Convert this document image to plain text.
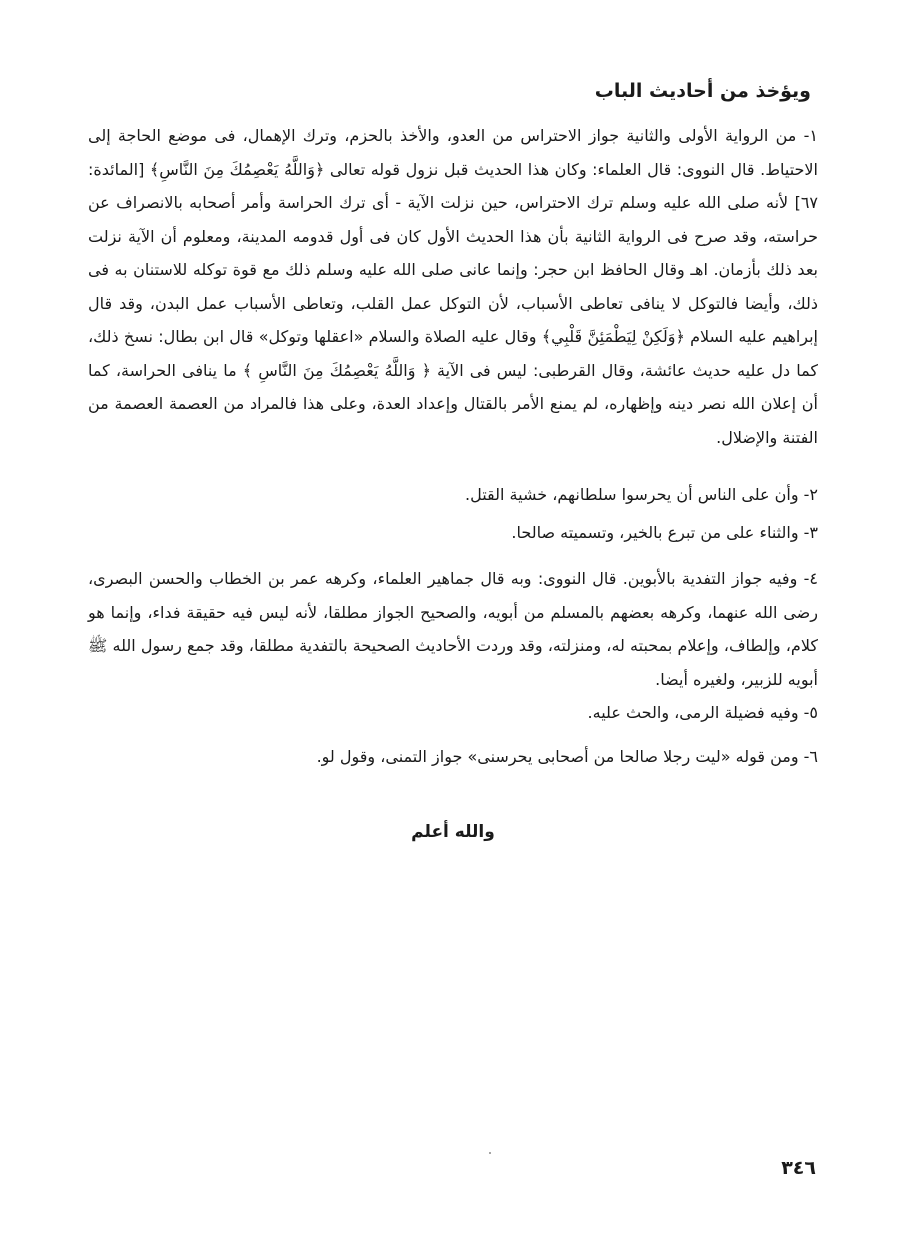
ويؤخذ من أحاديث الباب

١- من الرواية الأولى والثانية جواز الاحتراس من العدو، والأخذ بالحزم، وترك الإهمال، فى موضع الحاجة إلى الاحتياط. قال النووى: قال العلماء: وكان هذا الحديث قبل نزول قوله تعالى ﴿وَاللَّهُ يَعْصِمُكَ مِنَ النَّاسِ﴾ [المائدة: ٦٧] لأنه صلى الله عليه وسلم ترك الاحتراس، حين نزلت الآية - أى ترك الحراسة وأمر أصحابه بالانصراف عن حراسته، وقد صرح فى الرواية الثانية بأن هذا الحديث الأول كان فى أول قدومه المدينة، ومعلوم أن الآية نزلت بعد ذلك بأزمان. اهـ وقال الحافظ ابن حجر: وإنما عانى صلى الله عليه وسلم ذلك مع قوة توكله للاستنان به فى ذلك، وأيضا فالتوكل لا ينافى تعاطى الأسباب، لأن التوكل عمل القلب، وتعاطى الأسباب عمل البدن، وقد قال إبراهيم عليه السلام ﴿وَلَكِنْ لِيَطْمَئِنَّ قَلْبِي﴾ وقال عليه الصلاة والسلام «اعقلها وتوكل» قال ابن بطال: نسخ ذلك، كما دل عليه حديث عائشة، وقال القرطبى: ليس فى الآية ﴿ وَاللَّهُ يَعْصِمُكَ مِنَ النَّاسِ ﴾ ما ينافى الحراسة، كما أن إعلان الله نصر دينه وإظهاره، لم يمنع الأمر بالقتال وإعداد العدة، وعلى هذا فالمراد من العصمة العصمة من الفتنة والإضلال.

٢- وأن على الناس أن يحرسوا سلطانهم، خشية القتل.

٣- والثناء على من تبرع بالخير، وتسميته صالحا.

٤- وفيه جواز التفدية بالأبوين. قال النووى: وبه قال جماهير العلماء، وكرهه عمر بن الخطاب والحسن البصرى، رضى الله عنهما، وكرهه بعضهم بالمسلم من أبويه، والصحيح الجواز مطلقا، لأنه ليس فيه حقيقة فداء، وإنما هو كلام، وإلطاف، وإعلام بمحبته له، ومنزلته، وقد وردت الأحاديث الصحيحة بالتفدية مطلقا، وقد جمع رسول الله ﷺ أبويه للزبير، ولغيره أيضا.

٥- وفيه فضيلة الرمى، والحث عليه.

٦- ومن قوله «ليت رجلا صالحا من أصحابى يحرسنى» جواز التمنى، وقول لو.

والله أعلم
٣٤٦
